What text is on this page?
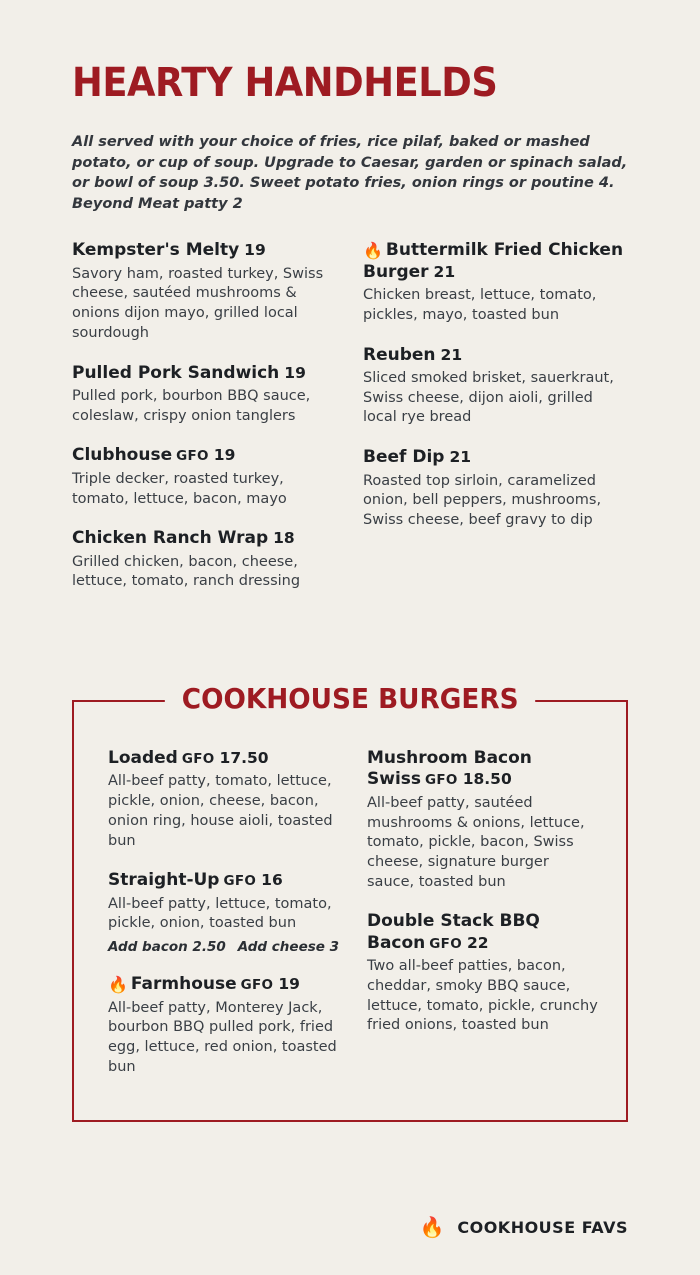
HEARTY HANDHELDS

All served with your choice of fries, rice pilaf, baked or mashed potato, or cup of soup. Upgrade to Caesar, garden or spinach salad, or bowl of soup 3.50. Sweet potato fries, onion rings or poutine 4. Beyond Meat patty 2

Kempster's Melty 19
Savory ham, roasted turkey, Swiss cheese, sautéed mushrooms & onions dijon mayo, grilled local sourdough
Pulled Pork Sandwich 19
Pulled pork, bourbon BBQ sauce, coleslaw, crispy onion tanglers
Clubhouse GFO 19
Triple decker, roasted turkey, tomato, lettuce, bacon, mayo
Chicken Ranch Wrap 18
Grilled chicken, bacon, cheese, lettuce, tomato, ranch dressing
🔥 Buttermilk Fried Chicken Burger 21
Chicken breast, lettuce, tomato, pickles, mayo, toasted bun
Reuben 21
Sliced smoked brisket, sauerkraut, Swiss cheese, dijon aioli, grilled local rye bread
Beef Dip 21
Roasted top sirloin, caramelized onion, bell peppers, mushrooms, Swiss cheese, beef gravy to dip
COOKHOUSE BURGERS
Loaded GFO 17.50
All-beef patty, tomato, lettuce, pickle, onion, cheese, bacon, onion ring, house aioli, toasted bun
Straight-Up GFO 16
All-beef patty, lettuce, tomato, pickle, onion, toasted bun
Add bacon 2.50 Add cheese 3
🔥 Farmhouse GFO 19
All-beef patty, Monterey Jack, bourbon BBQ pulled pork, fried egg, lettuce, red onion, toasted bun
Mushroom Bacon Swiss GFO 18.50
All-beef patty, sautéed mushrooms & onions, lettuce, tomato, pickle, bacon, Swiss cheese, signature burger sauce, toasted bun
Double Stack BBQ Bacon GFO 22
Two all-beef patties, bacon, cheddar, smoky BBQ sauce, lettuce, tomato, pickle, crunchy fried onions, toasted bun
🔥 COOKHOUSE FAVS
